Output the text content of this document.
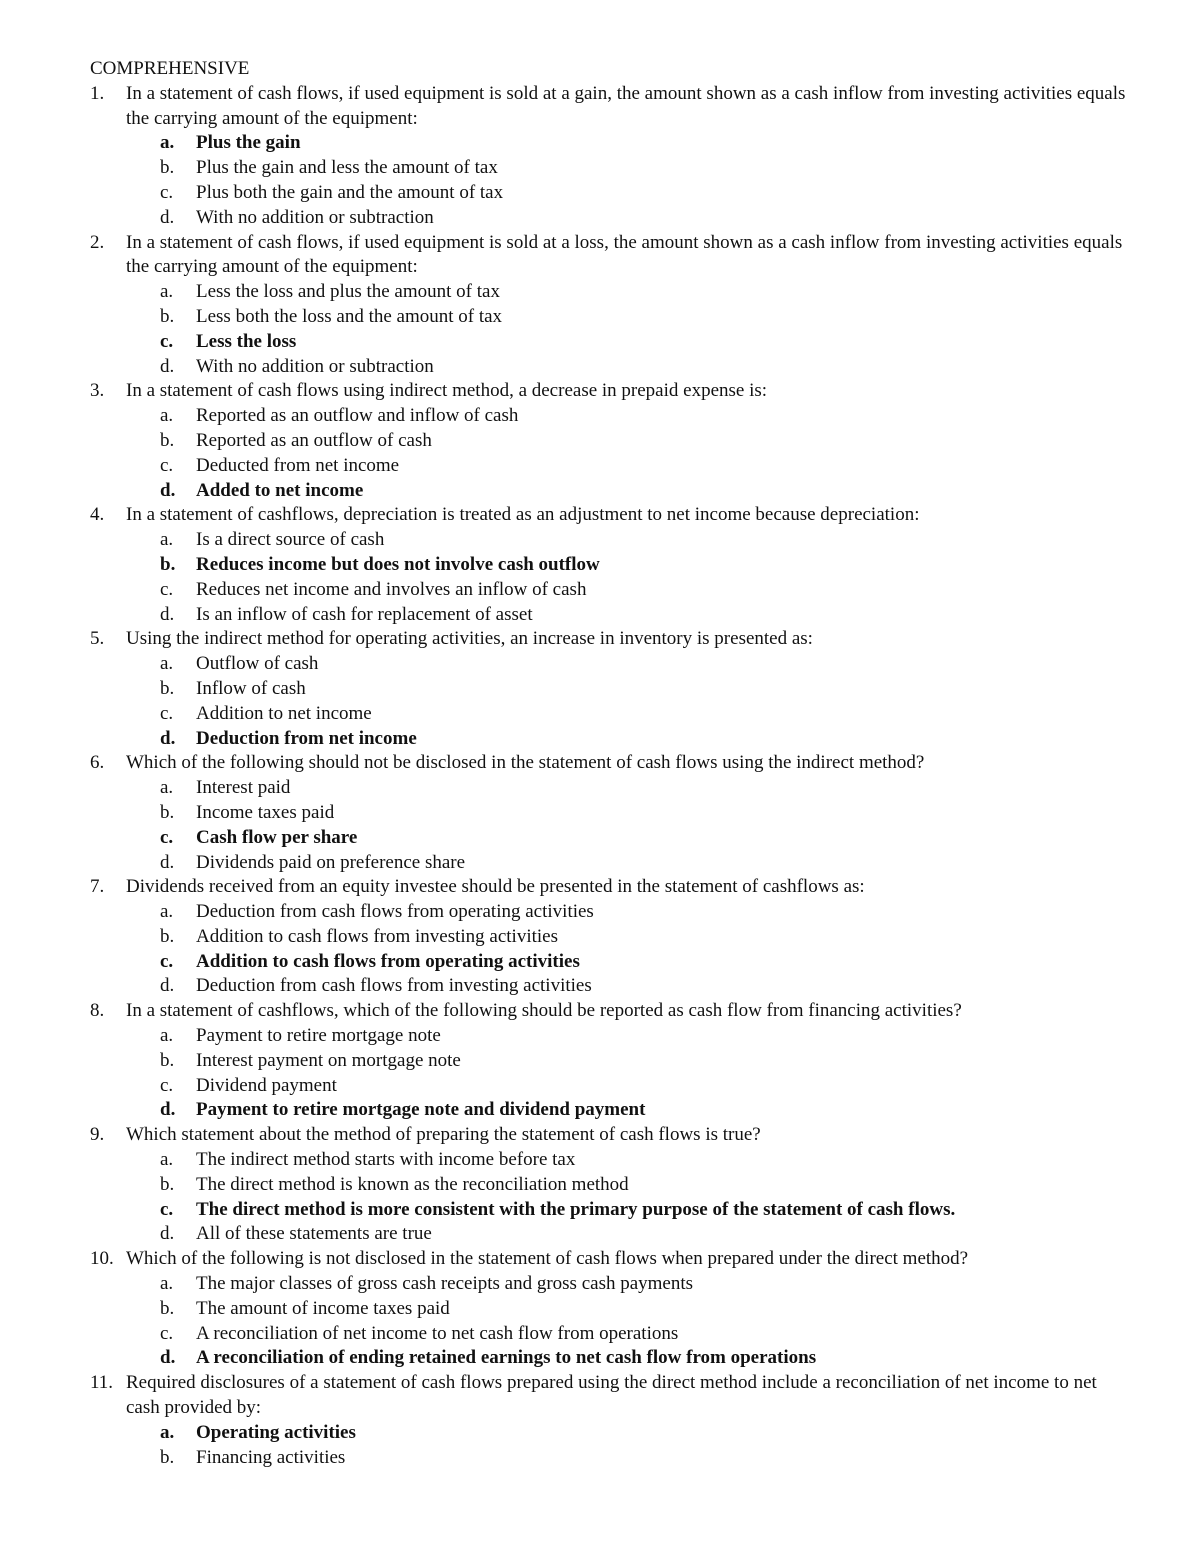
COMPREHENSIVE
1.	In a statement of cash flows, if used equipment is sold at a gain, the amount shown as a cash inflow from investing activities equals the carrying amount of the equipment:
a.	Plus the gain
b.	Plus the gain and less the amount of tax
c.	Plus both the gain and the amount of tax
d.	With no addition or subtraction
2.	In a statement of cash flows, if used equipment is sold at a loss, the amount shown as a cash inflow from investing activities equals the carrying amount of the equipment:
a.	Less the loss and plus the amount of tax
b.	Less both the loss and the amount of tax
c.	Less the loss
d.	With no addition or subtraction
3.	In a statement of cash flows using indirect method, a decrease in prepaid expense is:
a.	Reported as an outflow and inflow of cash
b.	Reported as an outflow of cash
c.	Deducted from net income
d.	Added to net income
4.	In a statement of cashflows, depreciation is treated as an adjustment to net income because depreciation:
a.	Is a direct source of cash
b.	Reduces income but does not involve cash outflow
c.	Reduces net income and involves an inflow of cash
d.	Is an inflow of cash for replacement of asset
5.	Using the indirect method for operating activities, an increase in inventory is presented as:
a.	Outflow of cash
b.	Inflow of cash
c.	Addition to net income
d.	Deduction from net income
6.	Which of the following should not be disclosed in the statement of cash flows using the indirect method?
a.	Interest paid
b.	Income taxes paid
c.	Cash flow per share
d.	Dividends paid on preference share
7.	Dividends received from an equity investee should be presented in the statement of cashflows as:
a.	Deduction from cash flows from operating activities
b.	Addition to cash flows from investing activities
c.	Addition to cash flows from operating activities
d.	Deduction from cash flows from investing activities
8.	In a statement of cashflows, which of the following should be reported as cash flow from financing activities?
a.	Payment to retire mortgage note
b.	Interest payment on mortgage note
c.	Dividend payment
d.	Payment to retire mortgage note and dividend payment
9.	Which statement about the method of preparing the statement of cash flows is true?
a.	The indirect method starts with income before tax
b.	The direct method is known as the reconciliation method
c.	The direct method is more consistent with the primary purpose of the statement of cash flows.
d.	All of these statements are true
10. Which of the following is not disclosed in the statement of cash flows when prepared under the direct method?
a.	The major classes of gross cash receipts and gross cash payments
b.	The amount of income taxes paid
c.	A reconciliation of net income to net cash flow from operations
d.	A reconciliation of ending retained earnings to net cash flow from operations
11. Required disclosures of a statement of cash flows prepared using the direct method include a reconciliation of net income to net cash provided by:
a.	Operating activities
b.	Financing activities
